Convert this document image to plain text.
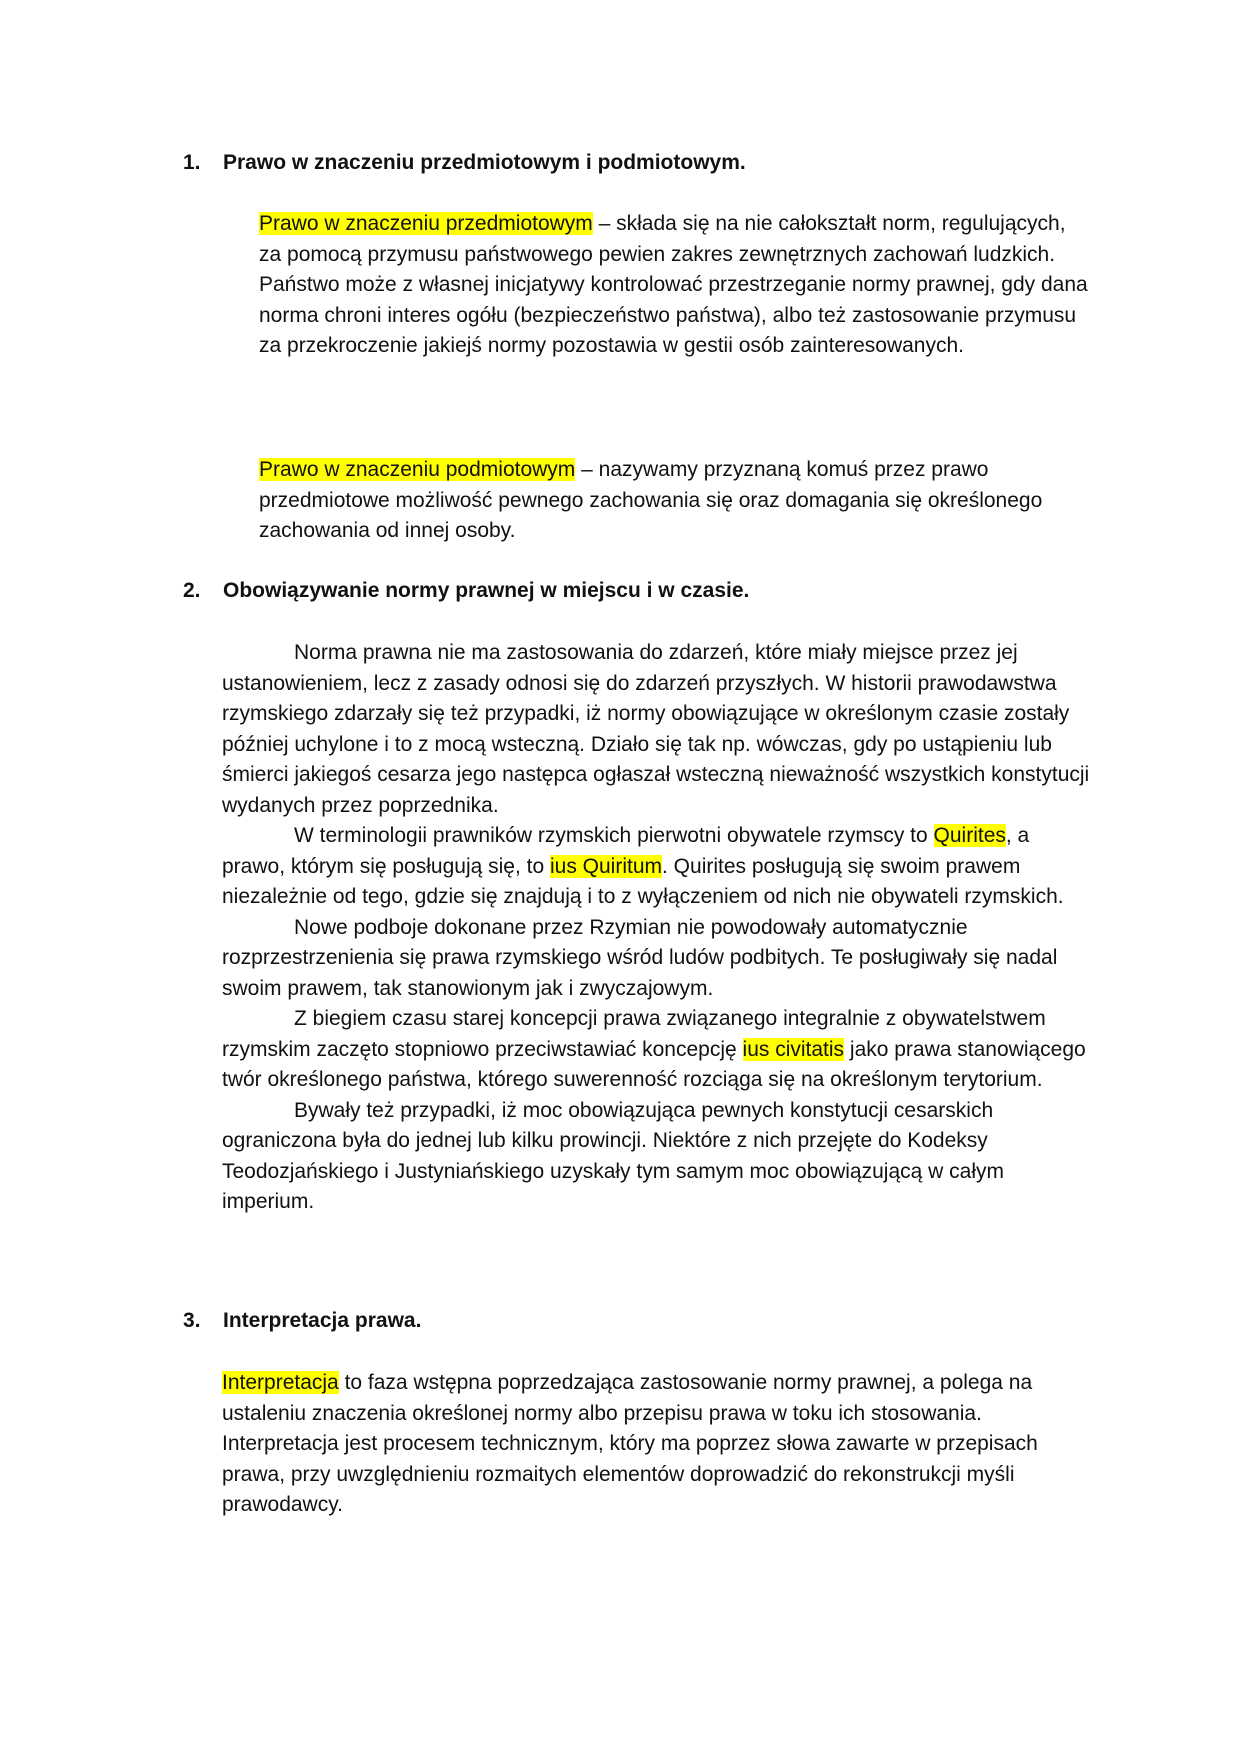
1. Prawo w znaczeniu przedmiotowym i podmiotowym.

Prawo w znaczeniu przedmiotowym – składa się na nie całokształt norm, regulujących, za pomocą przymusu państwowego pewien zakres zewnętrznych zachowań ludzkich.

Państwo może z własnej inicjatywy kontrolować przestrzeganie normy prawnej, gdy dana norma chroni interes ogółu (bezpieczeństwo państwa), albo też zastosowanie przymusu za przekroczenie jakiejś normy pozostawia w gestii osób zainteresowanych.

Prawo w znaczeniu podmiotowym – nazywamy przyznaną komuś przez prawo przedmiotowe możliwość pewnego zachowania się oraz domagania się określonego zachowania od innej osoby.

2. Obowiązywanie normy prawnej w miejscu i w czasie.

Norma prawna nie ma zastosowania do zdarzeń, które miały miejsce przez jej ustanowieniem, lecz z zasady odnosi się do zdarzeń przyszłych. W historii prawodawstwa rzymskiego zdarzały się też przypadki, iż normy obowiązujące w określonym czasie zostały później uchylone i to z mocą wsteczną. Działo się tak np. wówczas, gdy po ustąpieniu lub śmierci jakiegoś cesarza jego następca ogłaszał wsteczną nieważność wszystkich konstytucji wydanych przez poprzednika.

W terminologii prawników rzymskich pierwotni obywatele rzymscy to Quirites, a prawo, którym się posługują się, to ius Quiritum. Quirites posługują się swoim prawem niezależnie od tego, gdzie się znajdują i to z wyłączeniem od nich nie obywateli rzymskich.

Nowe podboje dokonane przez Rzymian nie powodowały automatycznie rozprzestrzenienia się prawa rzymskiego wśród ludów podbitych. Te posługiwały się nadal swoim prawem, tak stanowionym jak i zwyczajowym.

Z biegiem czasu starej koncepcji prawa związanego integralnie z obywatelstwem rzymskim zaczęto stopniowo przeciwstawiać koncepcję ius civitatis jako prawa stanowiącego twór określonego państwa, którego suwerenność rozciąga się na określonym terytorium.

Bywały też przypadki, iż moc obowiązująca pewnych konstytucji cesarskich ograniczona była do jednej lub kilku prowincji. Niektóre z nich przejęte do Kodeksy Teodozjańskiego i Justyniańskiego uzyskały tym samym moc obowiązującą w całym imperium.

3. Interpretacja prawa.

Interpretacja to faza wstępna poprzedzająca zastosowanie normy prawnej, a polega na ustaleniu znaczenia określonej normy albo przepisu prawa w toku ich stosowania. Interpretacja jest procesem technicznym, który ma poprzez słowa zawarte w przepisach prawa, przy uwzględnieniu rozmaitych elementów doprowadzić do rekonstrukcji myśli prawodawcy.
